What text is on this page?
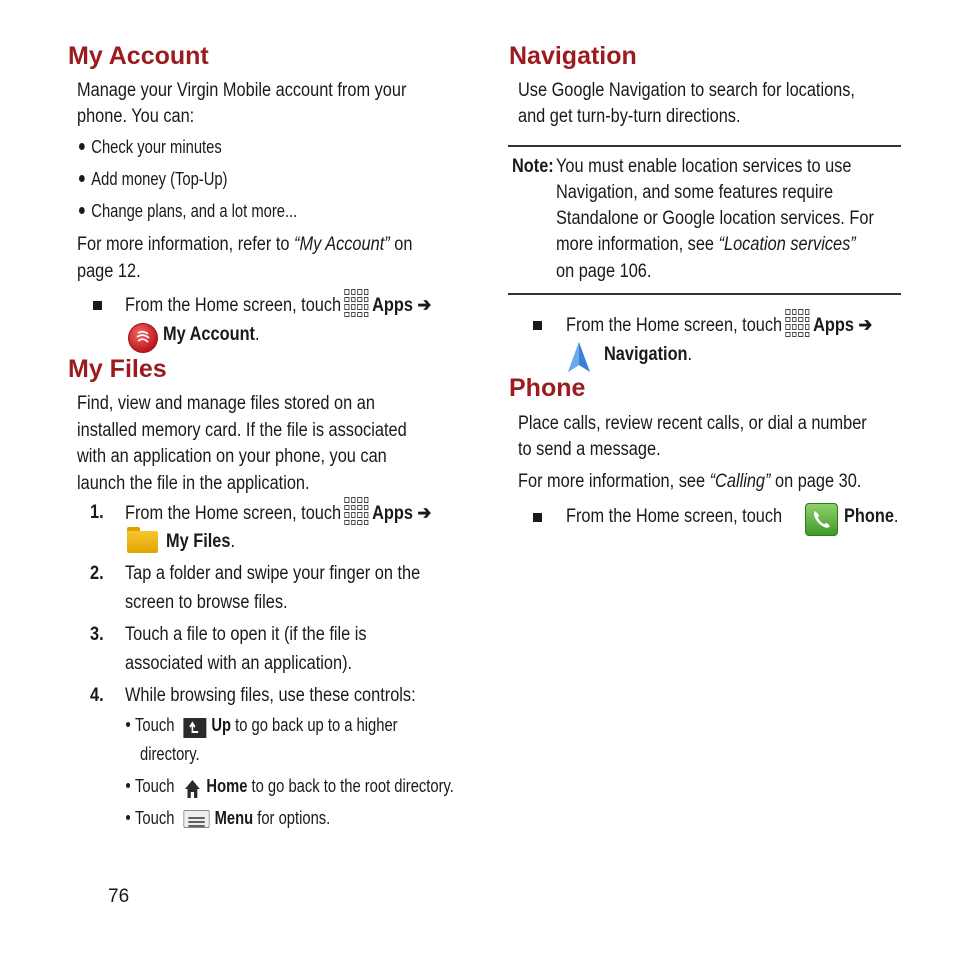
My Account
Manage your Virgin Mobile account from your
phone. You can:
Check your minutes
Add money (Top-Up)
Change plans, and a lot more...
For more information, refer to “My Account” on
page 12.
From the Home screen, touch Apps ➔
My Account.
My Files
Find, view and manage files stored on an
installed memory card. If the file is associated
with an application on your phone, you can
launch the file in the application.
1. From the Home screen, touch Apps ➔
My Files.
2. Tap a folder and swipe your finger on the
screen to browse files.
3. Touch a file to open it (if the file is
associated with an application).
4. While browsing files, use these controls:
Touch Up to go back up to a higher
directory.
Touch Home to go back to the root directory.
Touch Menu for options.
76
Navigation
Use Google Navigation to search for locations,
and get turn-by-turn directions.
Note: You must enable location services to use
Navigation, and some features require
Standalone or Google location services. For
more information, see “Location services”
on page 106.
From the Home screen, touch Apps ➔
Navigation.
Phone
Place calls, review recent calls, or dial a number
to send a message.
For more information, see “Calling” on page 30.
From the Home screen, touch	Phone.
